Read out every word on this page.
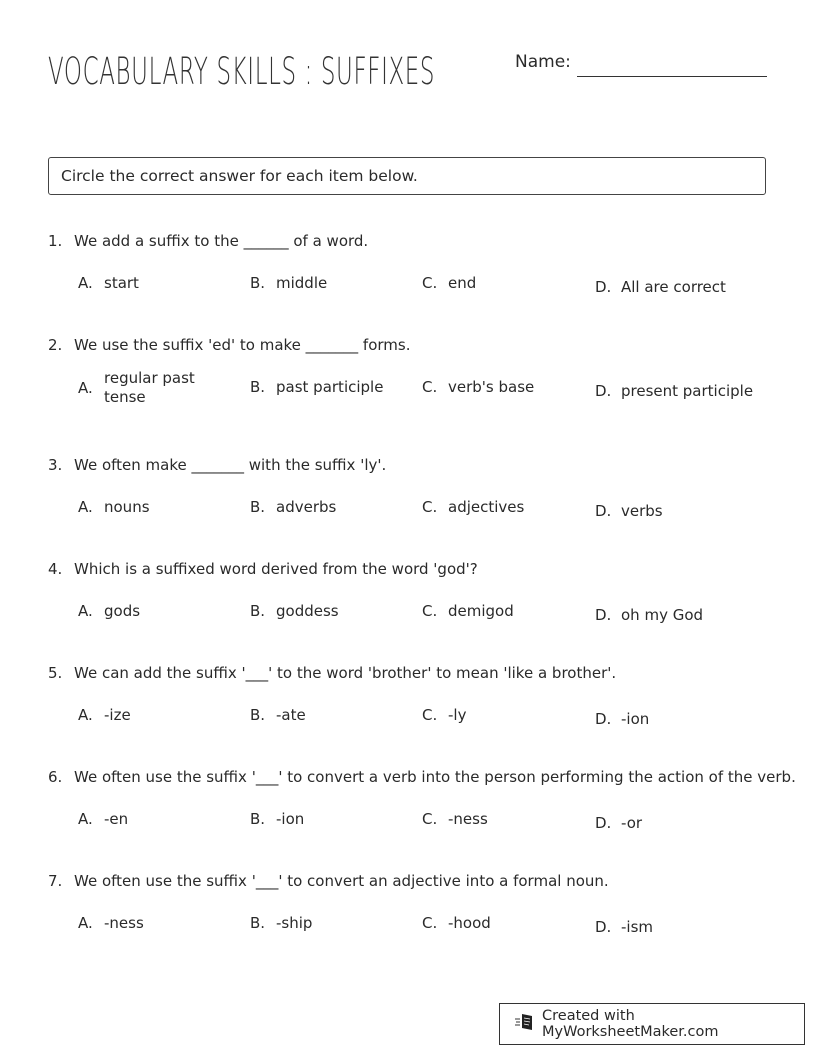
VOCABULARY SKILLS : SUFFIXES	Name:
Circle the correct answer for each item below.
1. We add a suffix to the ______ of a word.
A. start	B. middle	C. end	D. All are correct
2. We use the suffix 'ed' to make _______ forms.
A.
regular past tense
B. past participle	C. verb's base	D. present participle
3. We often make _______ with the suffix 'ly'.
A. nouns	B. adverbs	C. adjectives	D. verbs
4. Which is a suffixed word derived from the word 'god'?
A. gods	B. goddess	C. demigod	D. oh my God
5. We can add the suffix '___' to the word 'brother' to mean 'like a brother'.
A. -ize	B. -ate	C. -ly	D. -ion
6. We often use the suffix '___' to convert a verb into the person performing the action of the verb.
A. -en	B. -ion	C. -ness	D. -or
7. We often use the suffix '___' to convert an adjective into a formal noun.
A. -ness	B. -ship	C. -hood	D. -ism
Created with MyWorksheetMaker.com
